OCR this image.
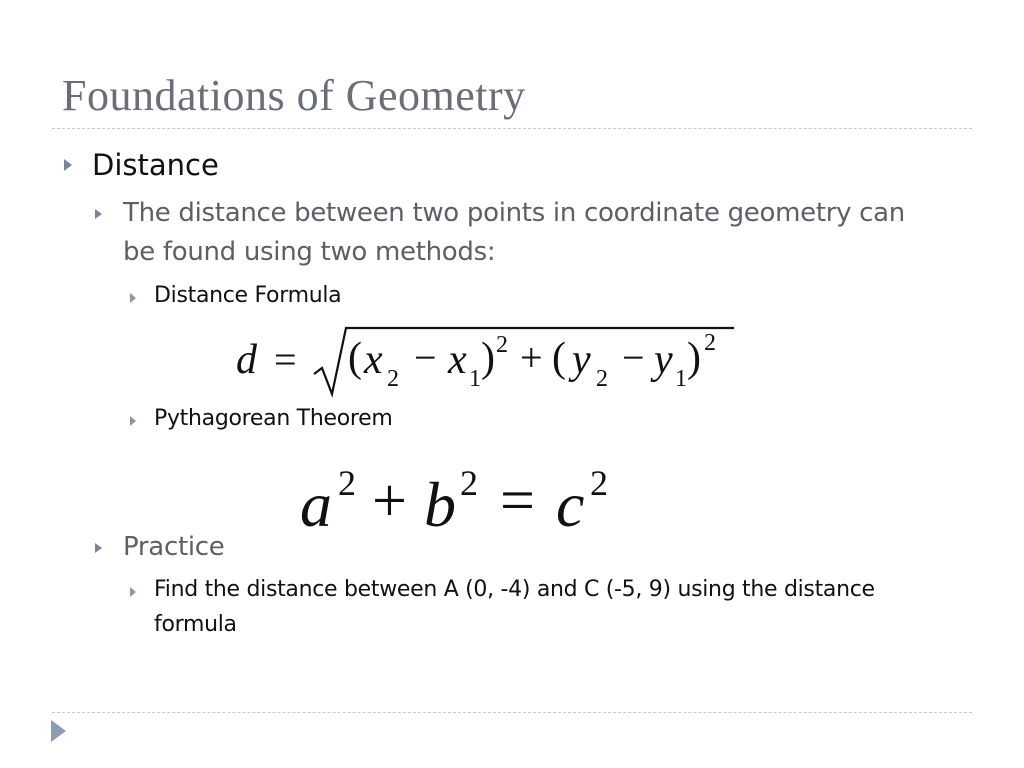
Foundations of Geometry
Distance
The distance between two points in coordinate geometry can
be found using two methods:
Distance Formula
d = ( x 2 − x 1 ) 2 + ( y 2 − y 1 ) 2
Pythagorean Theorem
a 2 + b 2 = c 2
Practice
Find the distance between A (0, -4) and C (-5, 9) using the distance
formula
